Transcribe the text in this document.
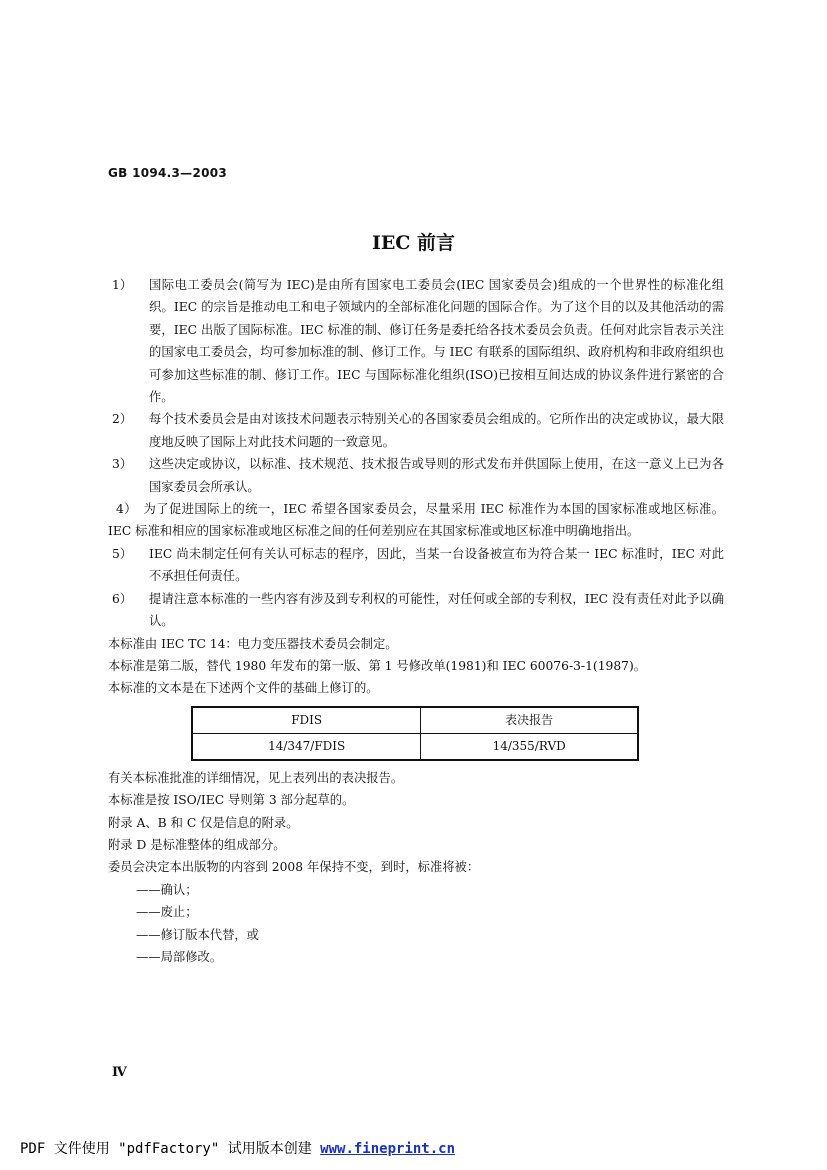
GB 1094.3—2003
IEC 前言
1）	国际电工委员会(简写为 IEC)是由所有国家电工委员会(IEC 国家委员会)组成的一个世界性的标准化组织。IEC 的宗旨是推动电工和电子领域内的全部标准化问题的国际合作。为了这个目的以及其他活动的需要，IEC 出版了国际标准。IEC 标准的制、修订任务是委托给各技术委员会负责。任何对此宗旨表示关注的国家电工委员会，均可参加标准的制、修订工作。与 IEC 有联系的国际组织、政府机构和非政府组织也可参加这些标准的制、修订工作。IEC 与国际标准化组织(ISO)已按相互间达成的协议条件进行紧密的合作。
2）	每个技术委员会是由对该技术问题表示特别关心的各国家委员会组成的。它所作出的决定或协议，最大限度地反映了国际上对此技术问题的一致意见。
3）	这些决定或协议，以标准、技术规范、技术报告或导则的形式发布并供国际上使用，在这一意义上已为各国家委员会所承认。
4）　为了促进国际上的统一，IEC 希望各国家委员会，尽量采用 IEC 标准作为本国的国家标准或地区标准。IEC 标准和相应的国家标准或地区标准之间的任何差别应在其国家标准或地区标准中明确地指出。
5）	IEC 尚未制定任何有关认可标志的程序，因此，当某一台设备被宣布为符合某一 IEC 标准时，IEC 对此不承担任何责任。
6）	提请注意本标准的一些内容有涉及到专利权的可能性，对任何或全部的专利权，IEC 没有责任对此予以确认。

本标准由 IEC TC 14：电力变压器技术委员会制定。

本标准是第二版，替代 1980 年发布的第一版、第 1 号修改单(1981)和 IEC 60076-3-1(1987)。

本标准的文本是在下述两个文件的基础上修订的。

FDIS	表决报告
14/347/FDIS	14/355/RVD

有关本标准批准的详细情况，见上表列出的表决报告。

本标准是按 ISO/IEC 导则第 3 部分起草的。

附录 A、B 和 C 仅是信息的附录。

附录 D 是标准整体的组成部分。

委员会决定本出版物的内容到 2008 年保持不变，到时，标准将被：

——确认；
——废止；
——修订版本代替，或
——局部修改。
Ⅳ
PDF 文件使用 "pdfFactory" 试用版本创建 www.fineprint.cn
